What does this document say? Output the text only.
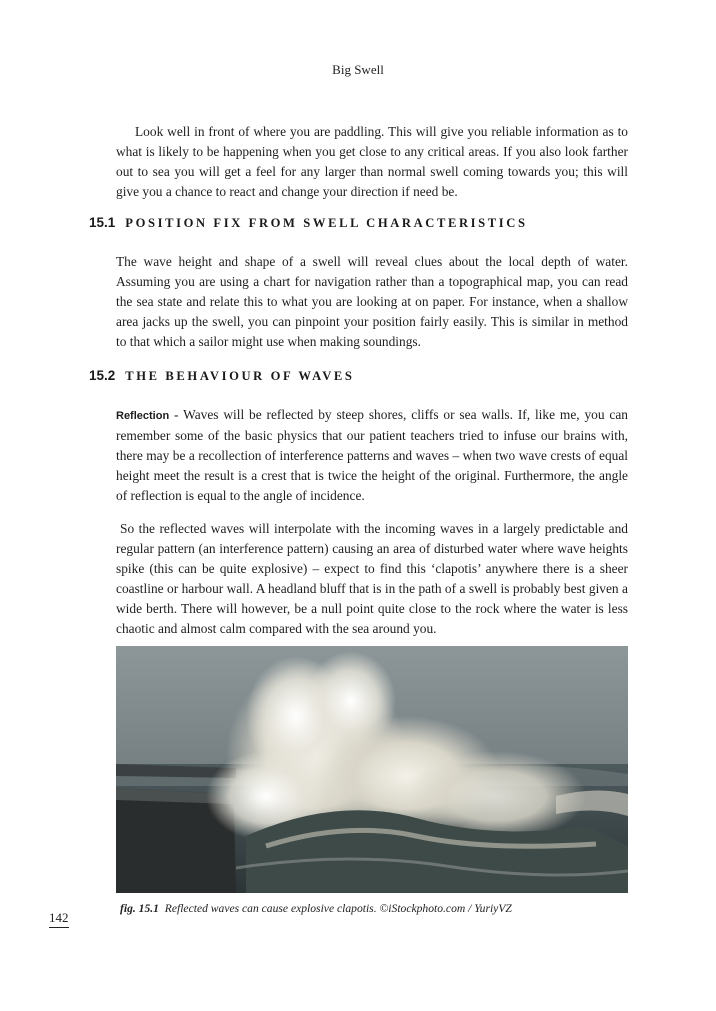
Big Swell

Look well in front of where you are paddling. This will give you reliable information as to what is likely to be happening when you get close to any critical areas. If you also look farther out to sea you will get a feel for any larger than normal swell coming towards you; this will give you a chance to react and change your direction if need be.

15.1 POSITION FIX FROM SWELL CHARACTERISTICS

The wave height and shape of a swell will reveal clues about the local depth of water. Assuming you are using a chart for navigation rather than a topographical map, you can read the sea state and relate this to what you are looking at on paper. For instance, when a shallow area jacks up the swell, you can pinpoint your position fairly easily. This is similar in method to that which a sailor might use when making soundings.

15.2 THE BEHAVIOUR OF WAVES

Reflection - Waves will be reflected by steep shores, cliffs or sea walls. If, like me, you can remember some of the basic physics that our patient teachers tried to infuse our brains with, there may be a recollection of interference patterns and waves – when two wave crests of equal height meet the result is a crest that is twice the height of the original. Furthermore, the angle of reflection is equal to the angle of incidence.

So the reflected waves will interpolate with the incoming waves in a largely predictable and regular pattern (an interference pattern) causing an area of disturbed water where wave heights spike (this can be quite explosive) – expect to find this ‘clapotis’ anywhere there is a sheer coastline or harbour wall. A headland bluff that is in the path of a swell is probably best given a wide berth. There will however, be a null point quite close to the rock where the water is less chaotic and almost calm compared with the sea around you.

fig. 15.1 Reflected waves can cause explosive clapotis. ©iStockphoto.com / YuriyVZ
142
